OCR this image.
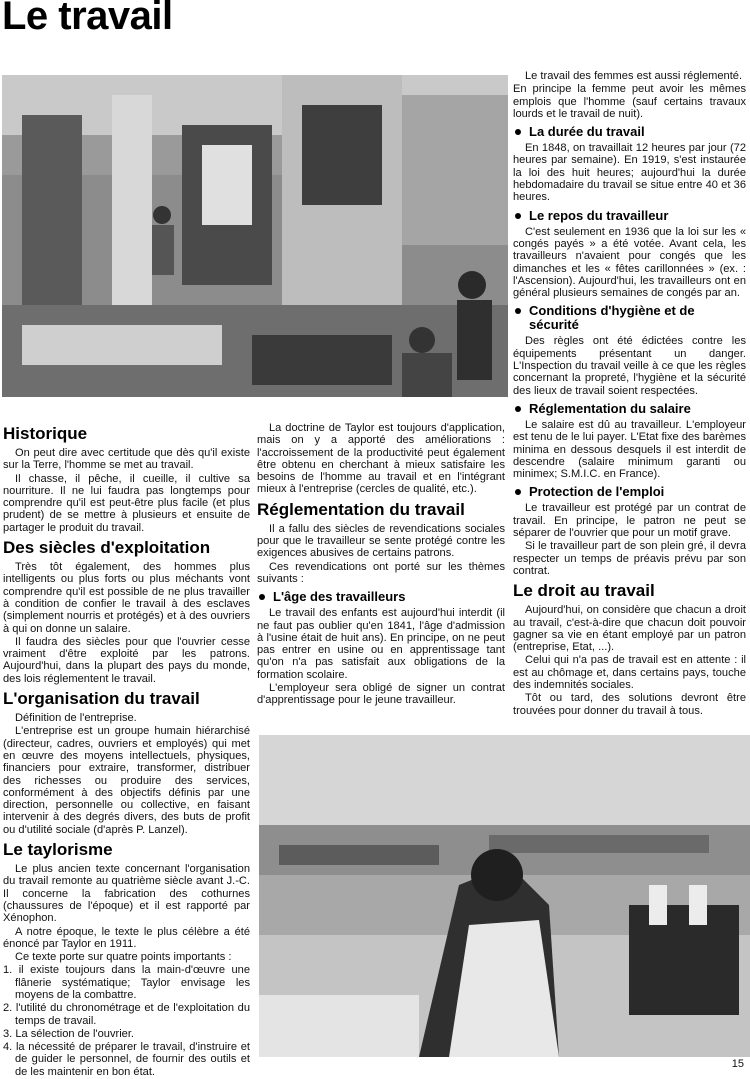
Le travail
Historique

On peut dire avec certitude que dès qu'il existe sur la Terre, l'homme se met au travail.

Il chasse, il pêche, il cueille, il cultive sa nourriture. Il ne lui faudra pas longtemps pour comprendre qu'il est peut-être plus facile (et plus prudent) de se mettre à plusieurs et ensuite de partager le produit du travail.

Des siècles d'exploitation

Très tôt également, des hommes plus intelligents ou plus forts ou plus méchants vont comprendre qu'il est possible de ne plus travailler à condition de confier le travail à des esclaves (simplement nourris et protégés) et à des ouvriers à qui on donne un salaire.

Il faudra des siècles pour que l'ouvrier cesse vraiment d'être exploité par les patrons. Aujourd'hui, dans la plupart des pays du monde, des lois réglementent le travail.

L'organisation du travail

Définition de l'entreprise.

L'entreprise est un groupe humain hiérarchisé (directeur, cadres, ouvriers et employés) qui met en œuvre des moyens intellectuels, physiques, financiers pour extraire, transformer, distribuer des richesses ou produire des services, conformément à des objectifs définis par une direction, personnelle ou collective, en faisant intervenir à des degrés divers, des buts de profit ou d'utilité sociale (d'après P. Lanzel).

Le taylorisme

Le plus ancien texte concernant l'organisation du travail remonte au quatrième siècle avant J.-C. Il concerne la fabrication des cothurnes (chaussures de l'époque) et il est rapporté par Xénophon.

A notre époque, le texte le plus célèbre a été énoncé par Taylor en 1911.

Ce texte porte sur quatre points importants :

1. il existe toujours dans la main-d'œuvre une flânerie systématique; Taylor envisage les moyens de la combattre.

2. l'utilité du chronométrage et de l'exploitation du temps de travail.

3. La sélection de l'ouvrier.

4. la nécessité de préparer le travail, d'instruire et de guider le personnel, de fournir des outils et de les maintenir en bon état.

La doctrine de Taylor est toujours d'application, mais on y a apporté des améliorations : l'accroissement de la productivité peut également être obtenu en cherchant à mieux satisfaire les besoins de l'homme au travail et en l'intégrant mieux à l'entreprise (cercles de qualité, etc.).

Réglementation du travail

Il a fallu des siècles de revendications sociales pour que le travailleur se sente protégé contre les exigences abusives de certains patrons.

Ces revendications ont porté sur les thèmes suivants :

L'âge des travailleurs

Le travail des enfants est aujourd'hui interdit (il ne faut pas oublier qu'en 1841, l'âge d'admission à l'usine était de huit ans). En principe, on ne peut pas entrer en usine ou en apprentissage tant qu'on n'a pas satisfait aux obligations de la formation scolaire.

L'employeur sera obligé de signer un contrat d'apprentissage pour le jeune travailleur.

Le travail des femmes est aussi réglementé.

En principe la femme peut avoir les mêmes emplois que l'homme (sauf certains travaux lourds et le travail de nuit).

La durée du travail

En 1848, on travaillait 12 heures par jour (72 heures par semaine). En 1919, s'est instaurée la loi des huit heures; aujourd'hui la durée hebdomadaire du travail se situe entre 40 et 36 heures.

Le repos du travailleur

C'est seulement en 1936 que la loi sur les « congés payés » a été votée. Avant cela, les travailleurs n'avaient pour congés que les dimanches et les « fêtes carillonnées » (ex. : l'Ascension). Aujourd'hui, les travailleurs ont en général plusieurs semaines de congés par an.

Conditions d'hygiène et de sécurité

Des règles ont été édictées contre les équipements présentant un danger. L'Inspection du travail veille à ce que les règles concernant la propreté, l'hygiène et la sécurité des lieux de travail soient respectées.

Réglementation du salaire

Le salaire est dû au travailleur. L'employeur est tenu de le lui payer. L'Etat fixe des barèmes minima en dessous desquels il est interdit de descendre (salaire minimum garanti ou minimex; S.M.I.C. en France).

Protection de l'emploi

Le travailleur est protégé par un contrat de travail. En principe, le patron ne peut se séparer de l'ouvrier que pour un motif grave.

Si le travailleur part de son plein gré, il devra respecter un temps de préavis prévu par son contrat.

Le droit au travail

Aujourd'hui, on considère que chacun a droit au travail, c'est-à-dire que chacun doit pouvoir gagner sa vie en étant employé par un patron (entreprise, Etat, ...).

Celui qui n'a pas de travail est en attente : il est au chômage et, dans certains pays, touche des indemnités sociales.

Tôt ou tard, des solutions devront être trouvées pour donner du travail à tous.

15
